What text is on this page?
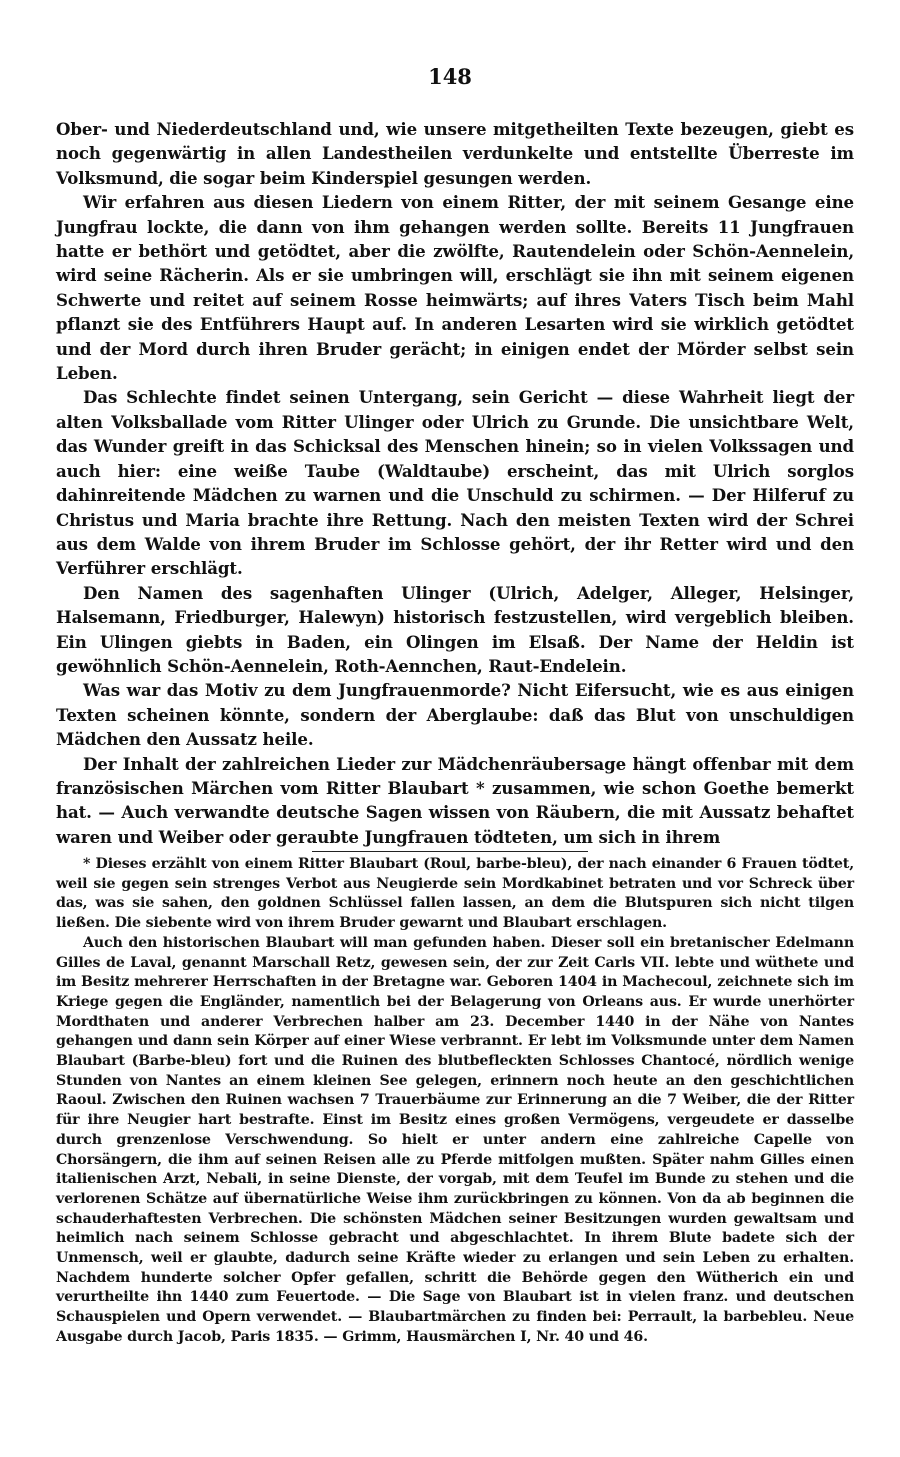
148

Ober- und Niederdeutschland und, wie unsere mitgetheilten Texte bezeugen, giebt es noch gegenwärtig in allen Landestheilen verdunkelte und entstellte Überreste im Volksmund, die sogar beim Kinderspiel gesungen werden.

Wir erfahren aus diesen Liedern von einem Ritter, der mit seinem Gesange eine Jungfrau lockte, die dann von ihm gehangen werden sollte. Bereits 11 Jungfrauen hatte er bethört und getödtet, aber die zwölfte, Rautendelein oder Schön-Aennelein, wird seine Rächerin. Als er sie umbringen will, erschlägt sie ihn mit seinem eigenen Schwerte und reitet auf seinem Rosse heimwärts; auf ihres Vaters Tisch beim Mahl pflanzt sie des Entführers Haupt auf. In anderen Lesarten wird sie wirklich getödtet und der Mord durch ihren Bruder gerächt; in einigen endet der Mörder selbst sein Leben.

Das Schlechte findet seinen Untergang, sein Gericht — diese Wahrheit liegt der alten Volksballade vom Ritter Ulinger oder Ulrich zu Grunde. Die unsichtbare Welt, das Wunder greift in das Schicksal des Menschen hinein; so in vielen Volkssagen und auch hier: eine weiße Taube (Waldtaube) erscheint, das mit Ulrich sorglos dahinreitende Mädchen zu warnen und die Unschuld zu schirmen. — Der Hilferuf zu Christus und Maria brachte ihre Rettung. Nach den meisten Texten wird der Schrei aus dem Walde von ihrem Bruder im Schlosse gehört, der ihr Retter wird und den Verführer erschlägt.

Den Namen des sagenhaften Ulinger (Ulrich, Adelger, Alleger, Helsinger, Halsemann, Friedburger, Halewyn) historisch festzustellen, wird vergeblich bleiben. Ein Ulingen giebts in Baden, ein Olingen im Elsaß. Der Name der Heldin ist gewöhnlich Schön-Aennelein, Roth-Aennchen, Raut-Endelein.

Was war das Motiv zu dem Jungfrauenmorde? Nicht Eifersucht, wie es aus einigen Texten scheinen könnte, sondern der Aberglaube: daß das Blut von unschuldigen Mädchen den Aussatz heile.

Der Inhalt der zahlreichen Lieder zur Mädchenräubersage hängt offenbar mit dem französischen Märchen vom Ritter Blaubart * zusammen, wie schon Goethe bemerkt hat. — Auch verwandte deutsche Sagen wissen von Räubern, die mit Aussatz behaftet waren und Weiber oder geraubte Jungfrauen tödteten, um sich in ihrem

* Dieses erzählt von einem Ritter Blaubart (Roul, barbe-bleu), der nach einander 6 Frauen tödtet, weil sie gegen sein strenges Verbot aus Neugierde sein Mordkabinet betraten und vor Schreck über das, was sie sahen, den goldnen Schlüssel fallen lassen, an dem die Blutspuren sich nicht tilgen ließen. Die siebente wird von ihrem Bruder gewarnt und Blaubart erschlagen.

Auch den historischen Blaubart will man gefunden haben. Dieser soll ein bretanischer Edelmann Gilles de Laval, genannt Marschall Retz, gewesen sein, der zur Zeit Carls VII. lebte und wüthete und im Besitz mehrerer Herrschaften in der Bretagne war. Geboren 1404 in Machecoul, zeichnete sich im Kriege gegen die Engländer, namentlich bei der Belagerung von Orleans aus. Er wurde unerhörter Mordthaten und anderer Verbrechen halber am 23. December 1440 in der Nähe von Nantes gehangen und dann sein Körper auf einer Wiese verbrannt. Er lebt im Volksmunde unter dem Namen Blaubart (Barbe-bleu) fort und die Ruinen des blutbefleckten Schlosses Chantocé, nördlich wenige Stunden von Nantes an einem kleinen See gelegen, erinnern noch heute an den geschichtlichen Raoul. Zwischen den Ruinen wachsen 7 Trauerbäume zur Erinnerung an die 7 Weiber, die der Ritter für ihre Neugier hart bestrafte. Einst im Besitz eines großen Vermögens, vergeudete er dasselbe durch grenzenlose Verschwendung. So hielt er unter andern eine zahlreiche Capelle von Chorsängern, die ihm auf seinen Reisen alle zu Pferde mitfolgen mußten. Später nahm Gilles einen italienischen Arzt, Nebali, in seine Dienste, der vorgab, mit dem Teufel im Bunde zu stehen und die verlorenen Schätze auf übernatürliche Weise ihm zurückbringen zu können. Von da ab beginnen die schauderhaftesten Verbrechen. Die schönsten Mädchen seiner Besitzungen wurden gewaltsam und heimlich nach seinem Schlosse gebracht und abgeschlachtet. In ihrem Blute badete sich der Unmensch, weil er glaubte, dadurch seine Kräfte wieder zu erlangen und sein Leben zu erhalten. Nachdem hunderte solcher Opfer gefallen, schritt die Behörde gegen den Wütherich ein und verurtheilte ihn 1440 zum Feuertode. — Die Sage von Blaubart ist in vielen franz. und deutschen Schauspielen und Opern verwendet. — Blaubartmärchen zu finden bei: Perrault, la barbebleu. Neue Ausgabe durch Jacob, Paris 1835. — Grimm, Hausmärchen I, Nr. 40 und 46.
